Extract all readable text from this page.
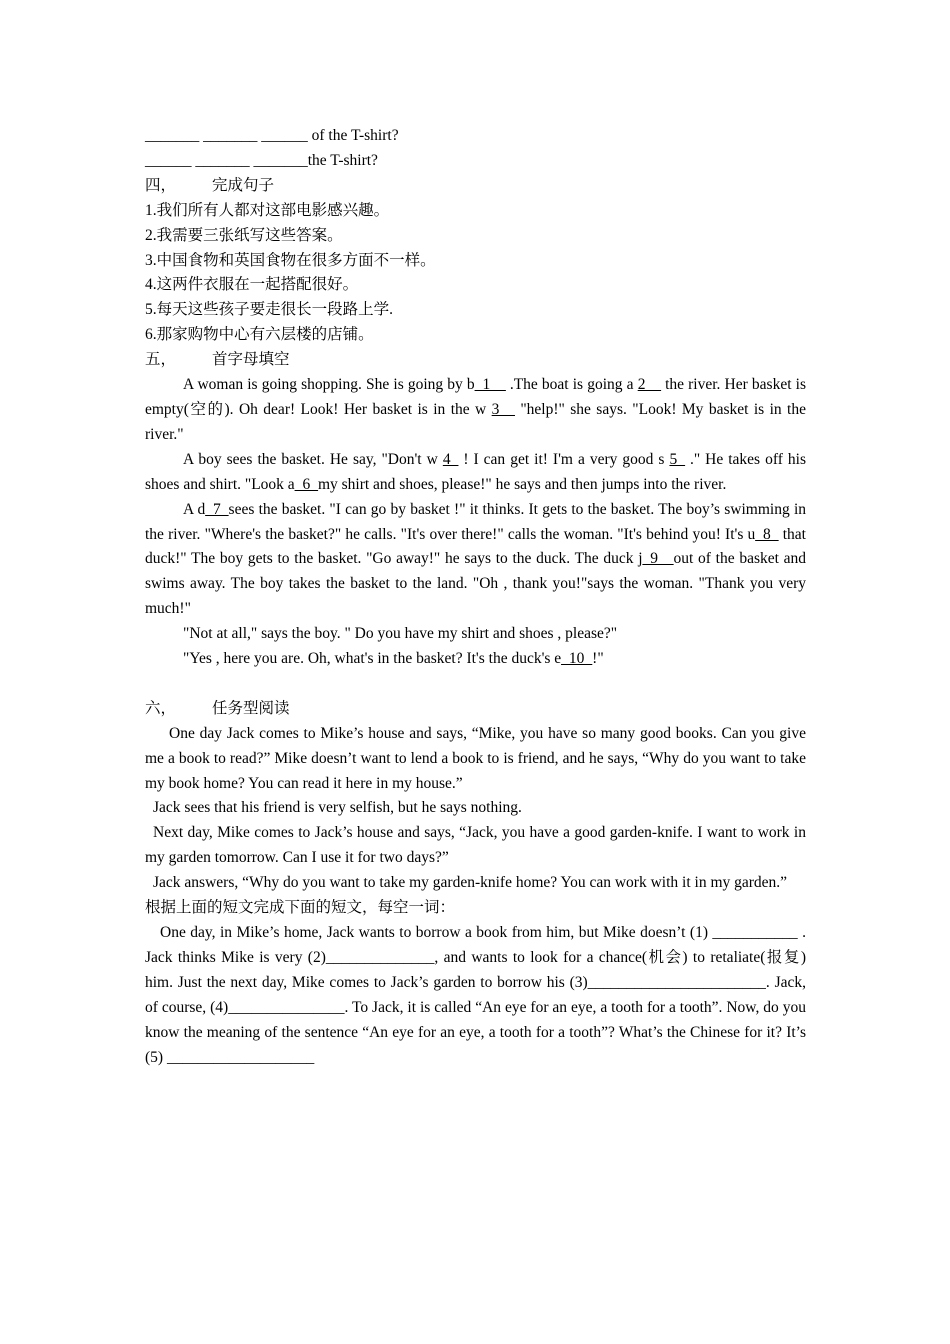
_______ _______ ______ of the T-shirt?
______ _______ _______the T-shirt?
四， 完成句子
1.我们所有人都对这部电影感兴趣。
2.我需要三张纸写这些答案。
3.中国食物和英国食物在很多方面不一样。
4.这两件衣服在一起搭配很好。
5.每天这些孩子要走很长一段路上学.
6.那家购物中心有六层楼的店铺。
五， 首字母填空
A woman is going shopping. She is going by b_1__ .The boat is going a 2__ the river. Her basket is empty(空的). Oh dear! Look! Her basket is in the w 3__ "help!" she says. "Look! My basket is in the river."
A boy sees the basket. He say, "Don't w 4_ ! I can get it! I'm a very good s 5_ ." He takes off his shoes and shirt. "Look a_6_my shirt and shoes, please!" he says and then jumps into the river.
A d_7_sees the basket. "I can go by basket !" it thinks. It gets to the basket. The boy’s swimming in the river. "Where's the basket?" he calls. "It's over there!" calls the woman. "It's behind you! It's u_8_ that duck!" The boy gets to the basket. "Go away!" he says to the duck. The duck j_9__out of the basket and swims away. The boy takes the basket to the land. "Oh , thank you!"says the woman. "Thank you very much!"
"Not at all," says the boy. " Do you have my shirt and shoes , please?"
"Yes , here you are. Oh, what's in the basket? It's the duck's e_10_!"
六， 任务型阅读
One day Jack comes to Mike’s house and says, “Mike, you have so many good books. Can you give me a book to read?” Mike doesn’t want to lend a book to is friend, and he says, “Why do you want to take my book home? You can read it here in my house.”
Jack sees that his friend is very selfish, but he says nothing.
Next day, Mike comes to Jack’s house and says, “Jack, you have a good garden-knife. I want to work in my garden tomorrow. Can I use it for two days?”
Jack answers, “Why do you want to take my garden-knife home? You can work with it in my garden.”
根据上面的短文完成下面的短文，每空一词：
One day, in Mike’s home, Jack wants to borrow a book from him, but Mike doesn’t (1) ___________ . Jack thinks Mike is very (2)______________, and wants to look for a chance(机会) to retaliate(报复) him. Just the next day, Mike comes to Jack’s garden to borrow his (3)_______________________. Jack, of course, (4)_______________. To Jack, it is called “An eye for an eye, a tooth for a tooth”. Now, do you know the meaning of the sentence “An eye for an eye, a tooth for a tooth”? What’s the Chinese for it? It’s (5) ___________________
